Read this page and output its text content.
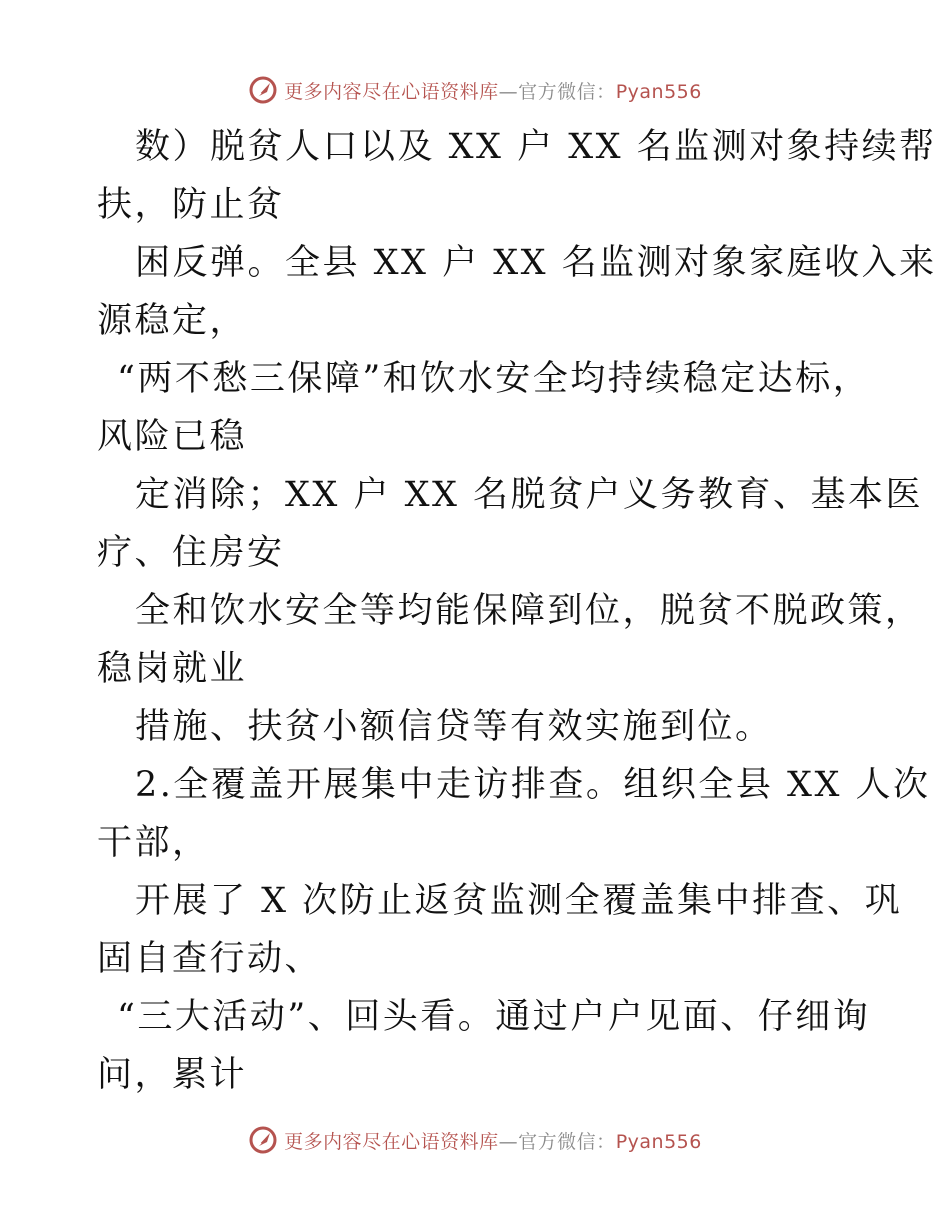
更多内容尽在心语资料库—官方微信：Pyan556
数）脱贫人口以及 XX 户 XX 名监测对象持续帮
扶，防止贫
困反弹。全县 XX 户 XX 名监测对象家庭收入来
源稳定，
“两不愁三保障”和饮水安全均持续稳定达标，
风险已稳
定消除；XX 户 XX 名脱贫户义务教育、基本医
疗、住房安
全和饮水安全等均能保障到位，脱贫不脱政策，
稳岗就业
措施、扶贫小额信贷等有效实施到位。
2.全覆盖开展集中走访排查。组织全县 XX 人次
干部，
开展了 X 次防止返贫监测全覆盖集中排查、巩
固自查行动、
“三大活动”、回头看。通过户户见面、仔细询
问，累计
更多内容尽在心语资料库—官方微信：Pyan556
